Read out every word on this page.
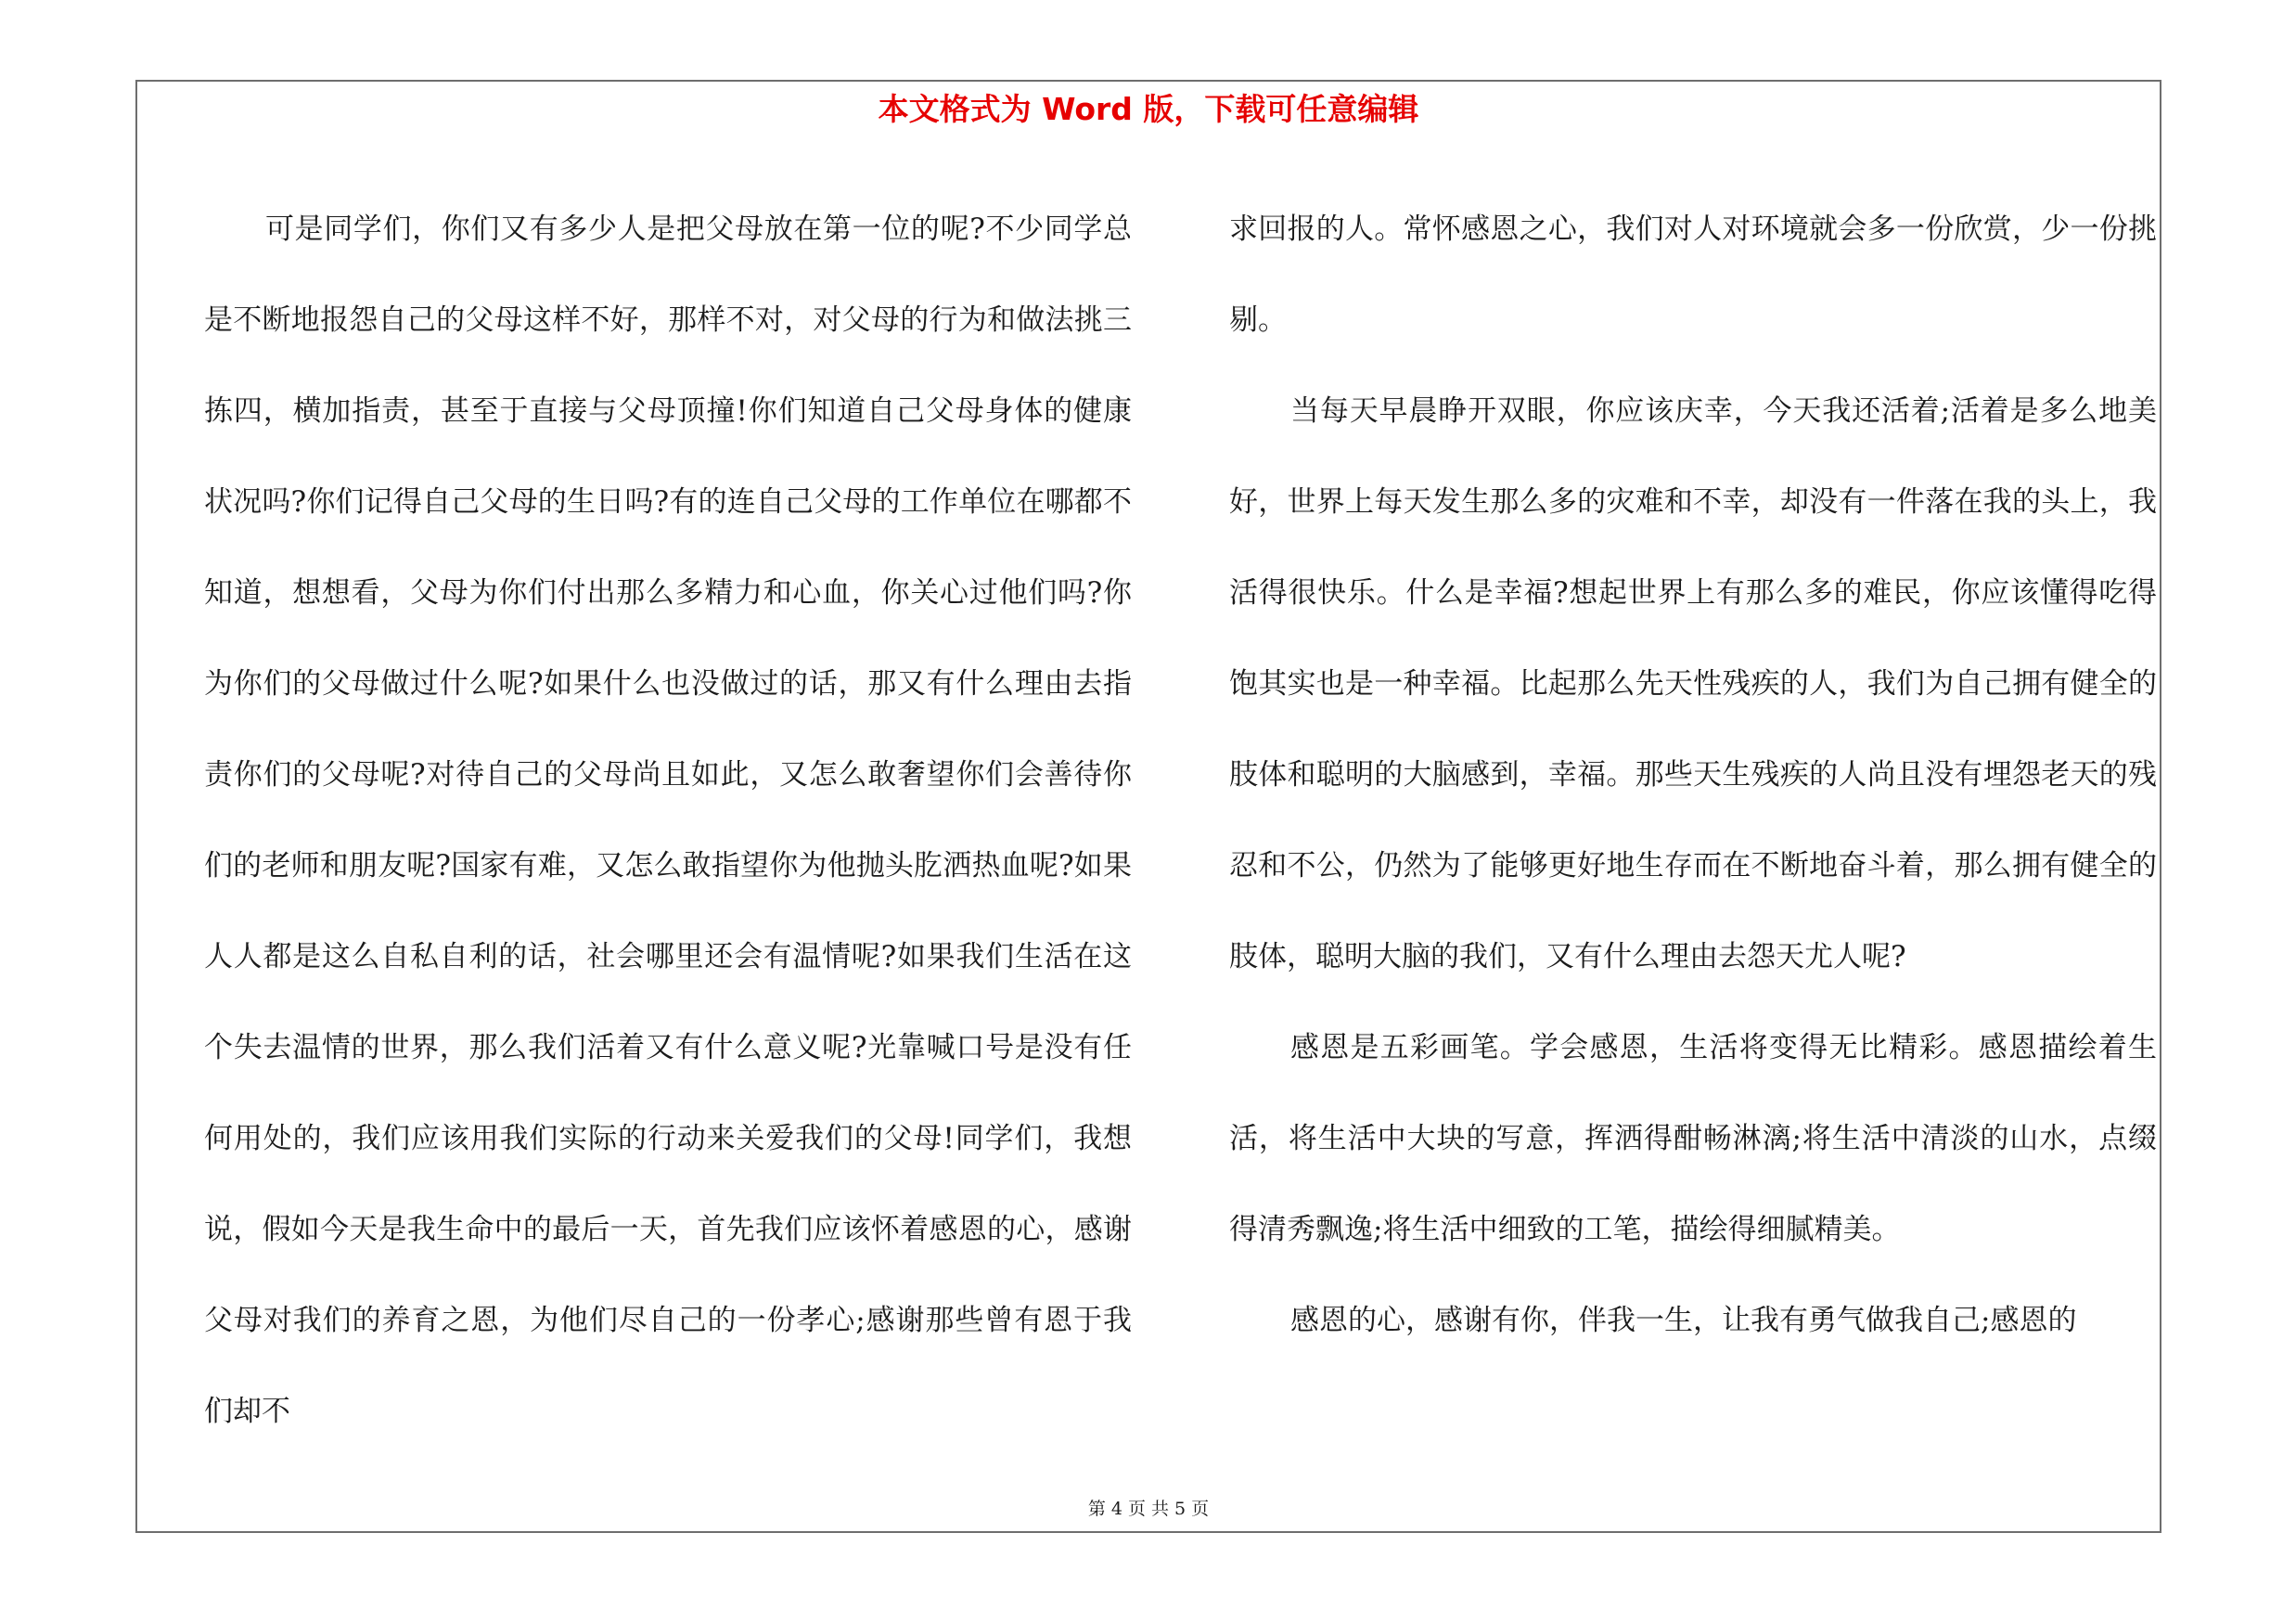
本文格式为 Word 版，下载可任意编辑

可是同学们，你们又有多少人是把父母放在第一位的呢?不少同学总是不断地报怨自己的父母这样不好，那样不对，对父母的行为和做法挑三拣四，横加指责，甚至于直接与父母顶撞!你们知道自己父母身体的健康状况吗?你们记得自己父母的生日吗?有的连自己父母的工作单位在哪都不知道，想想看，父母为你们付出那么多精力和心血，你关心过他们吗?你为你们的父母做过什么呢?如果什么也没做过的话，那又有什么理由去指责你们的父母呢?对待自己的父母尚且如此，又怎么敢奢望你们会善待你们的老师和朋友呢?国家有难，又怎么敢指望你为他抛头肐洒热血呢?如果人人都是这么自私自利的话，社会哪里还会有温情呢?如果我们生活在这个失去温情的世界，那么我们活着又有什么意义呢?光靠喊口号是没有任何用处的，我们应该用我们实际的行动来关爱我们的父母!同学们，我想说，假如今天是我生命中的最后一天，首先我们应该怀着感恩的心，感谢父母对我们的养育之恩，为他们尽自己的一份孝心;感谢那些曾有恩于我们却不

求回报的人。常怀感恩之心，我们对人对环境就会多一份欣赏，少一份挑剔。

当每天早晨睁开双眼，你应该庆幸，今天我还活着;活着是多么地美好，世界上每天发生那么多的灾难和不幸，却没有一件落在我的头上，我活得很快乐。什么是幸福?想起世界上有那么多的难民，你应该懂得吃得饱其实也是一种幸福。比起那么先天性残疾的人，我们为自己拥有健全的肢体和聪明的大脑感到，幸福。那些天生残疾的人尚且没有埋怨老天的残忍和不公，仍然为了能够更好地生存而在不断地奋斗着，那么拥有健全的肢体，聪明大脑的我们，又有什么理由去怨天尤人呢?

感恩是五彩画笔。学会感恩，生活将变得无比精彩。感恩描绘着生活，将生活中大块的写意，挥洒得酣畅淋漓;将生活中清淡的山水，点缀得清秀飘逸;将生活中细致的工笔，描绘得细腻精美。

感恩的心，感谢有你，伴我一生，让我有勇气做我自己;感恩的

第 4 页 共 5 页
